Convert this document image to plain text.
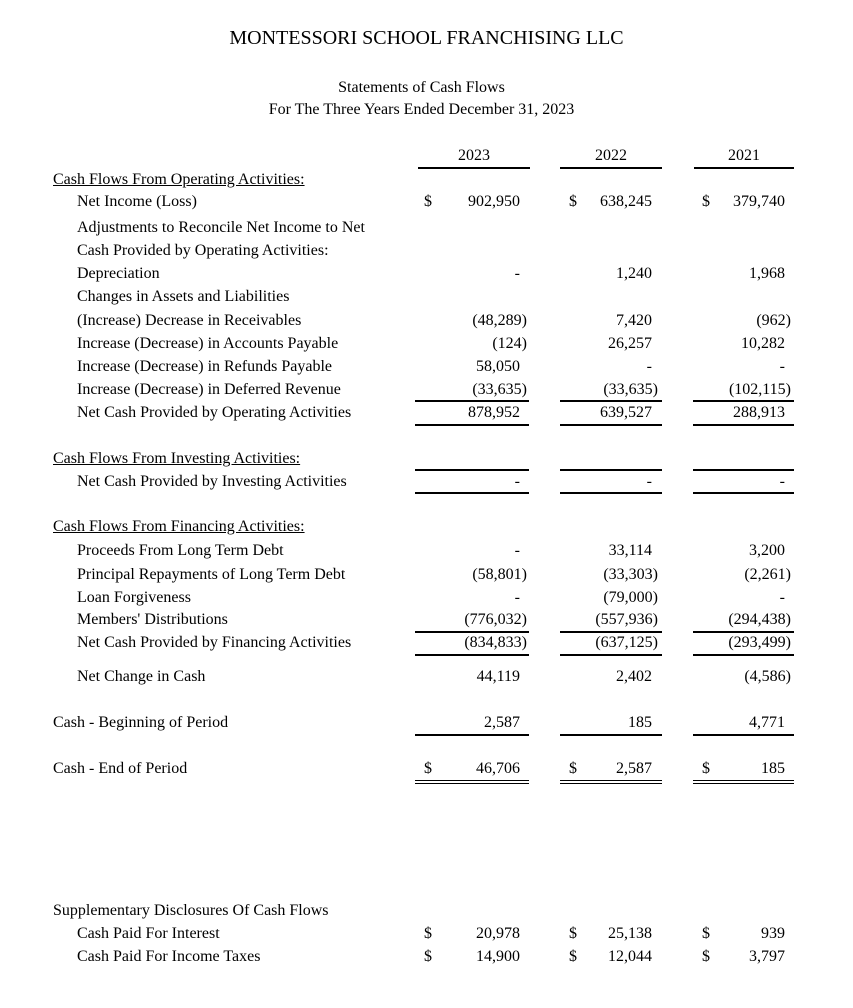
MONTESSORI SCHOOL FRANCHISING LLC
Statements of Cash Flows
For The Three Years Ended December 31, 2023
2023	2022	2021
Cash Flows From Operating Activities:
Net Income (Loss)	$	902,950	$	638,245	$	379,740
Adjustments to Reconcile Net Income to Net
Cash Provided by Operating Activities:
Depreciation	-	1,240	1,968
Changes in Assets and Liabilities
(Increase) Decrease in Receivables	(48,289)	7,420	(962)
Increase (Decrease) in Accounts Payable	(124)	26,257	10,282
Increase (Decrease) in Refunds Payable	58,050	-	-
Increase (Decrease) in Deferred Revenue	(33,635)	(33,635)	(102,115)
Net Cash Provided by Operating Activities	878,952	639,527	288,913
Cash Flows From Investing Activities:
Net Cash Provided by Investing Activities	-	-	-
Cash Flows From Financing Activities:
Proceeds From Long Term Debt	-	33,114	3,200
Principal Repayments of Long Term Debt	(58,801)	(33,303)	(2,261)
Loan Forgiveness	-	(79,000)	-
Members' Distributions	(776,032)	(557,936)	(294,438)
Net Cash Provided by Financing Activities	(834,833)	(637,125)	(293,499)
Net Change in Cash	44,119	2,402	(4,586)
Cash - Beginning of Period	2,587	185	4,771
Cash - End of Period	$	46,706	$	2,587	$	185
Supplementary Disclosures Of Cash Flows
Cash Paid For Interest	$	20,978	$	25,138	$	939
Cash Paid For Income Taxes	$	14,900	$	12,044	$	3,797
